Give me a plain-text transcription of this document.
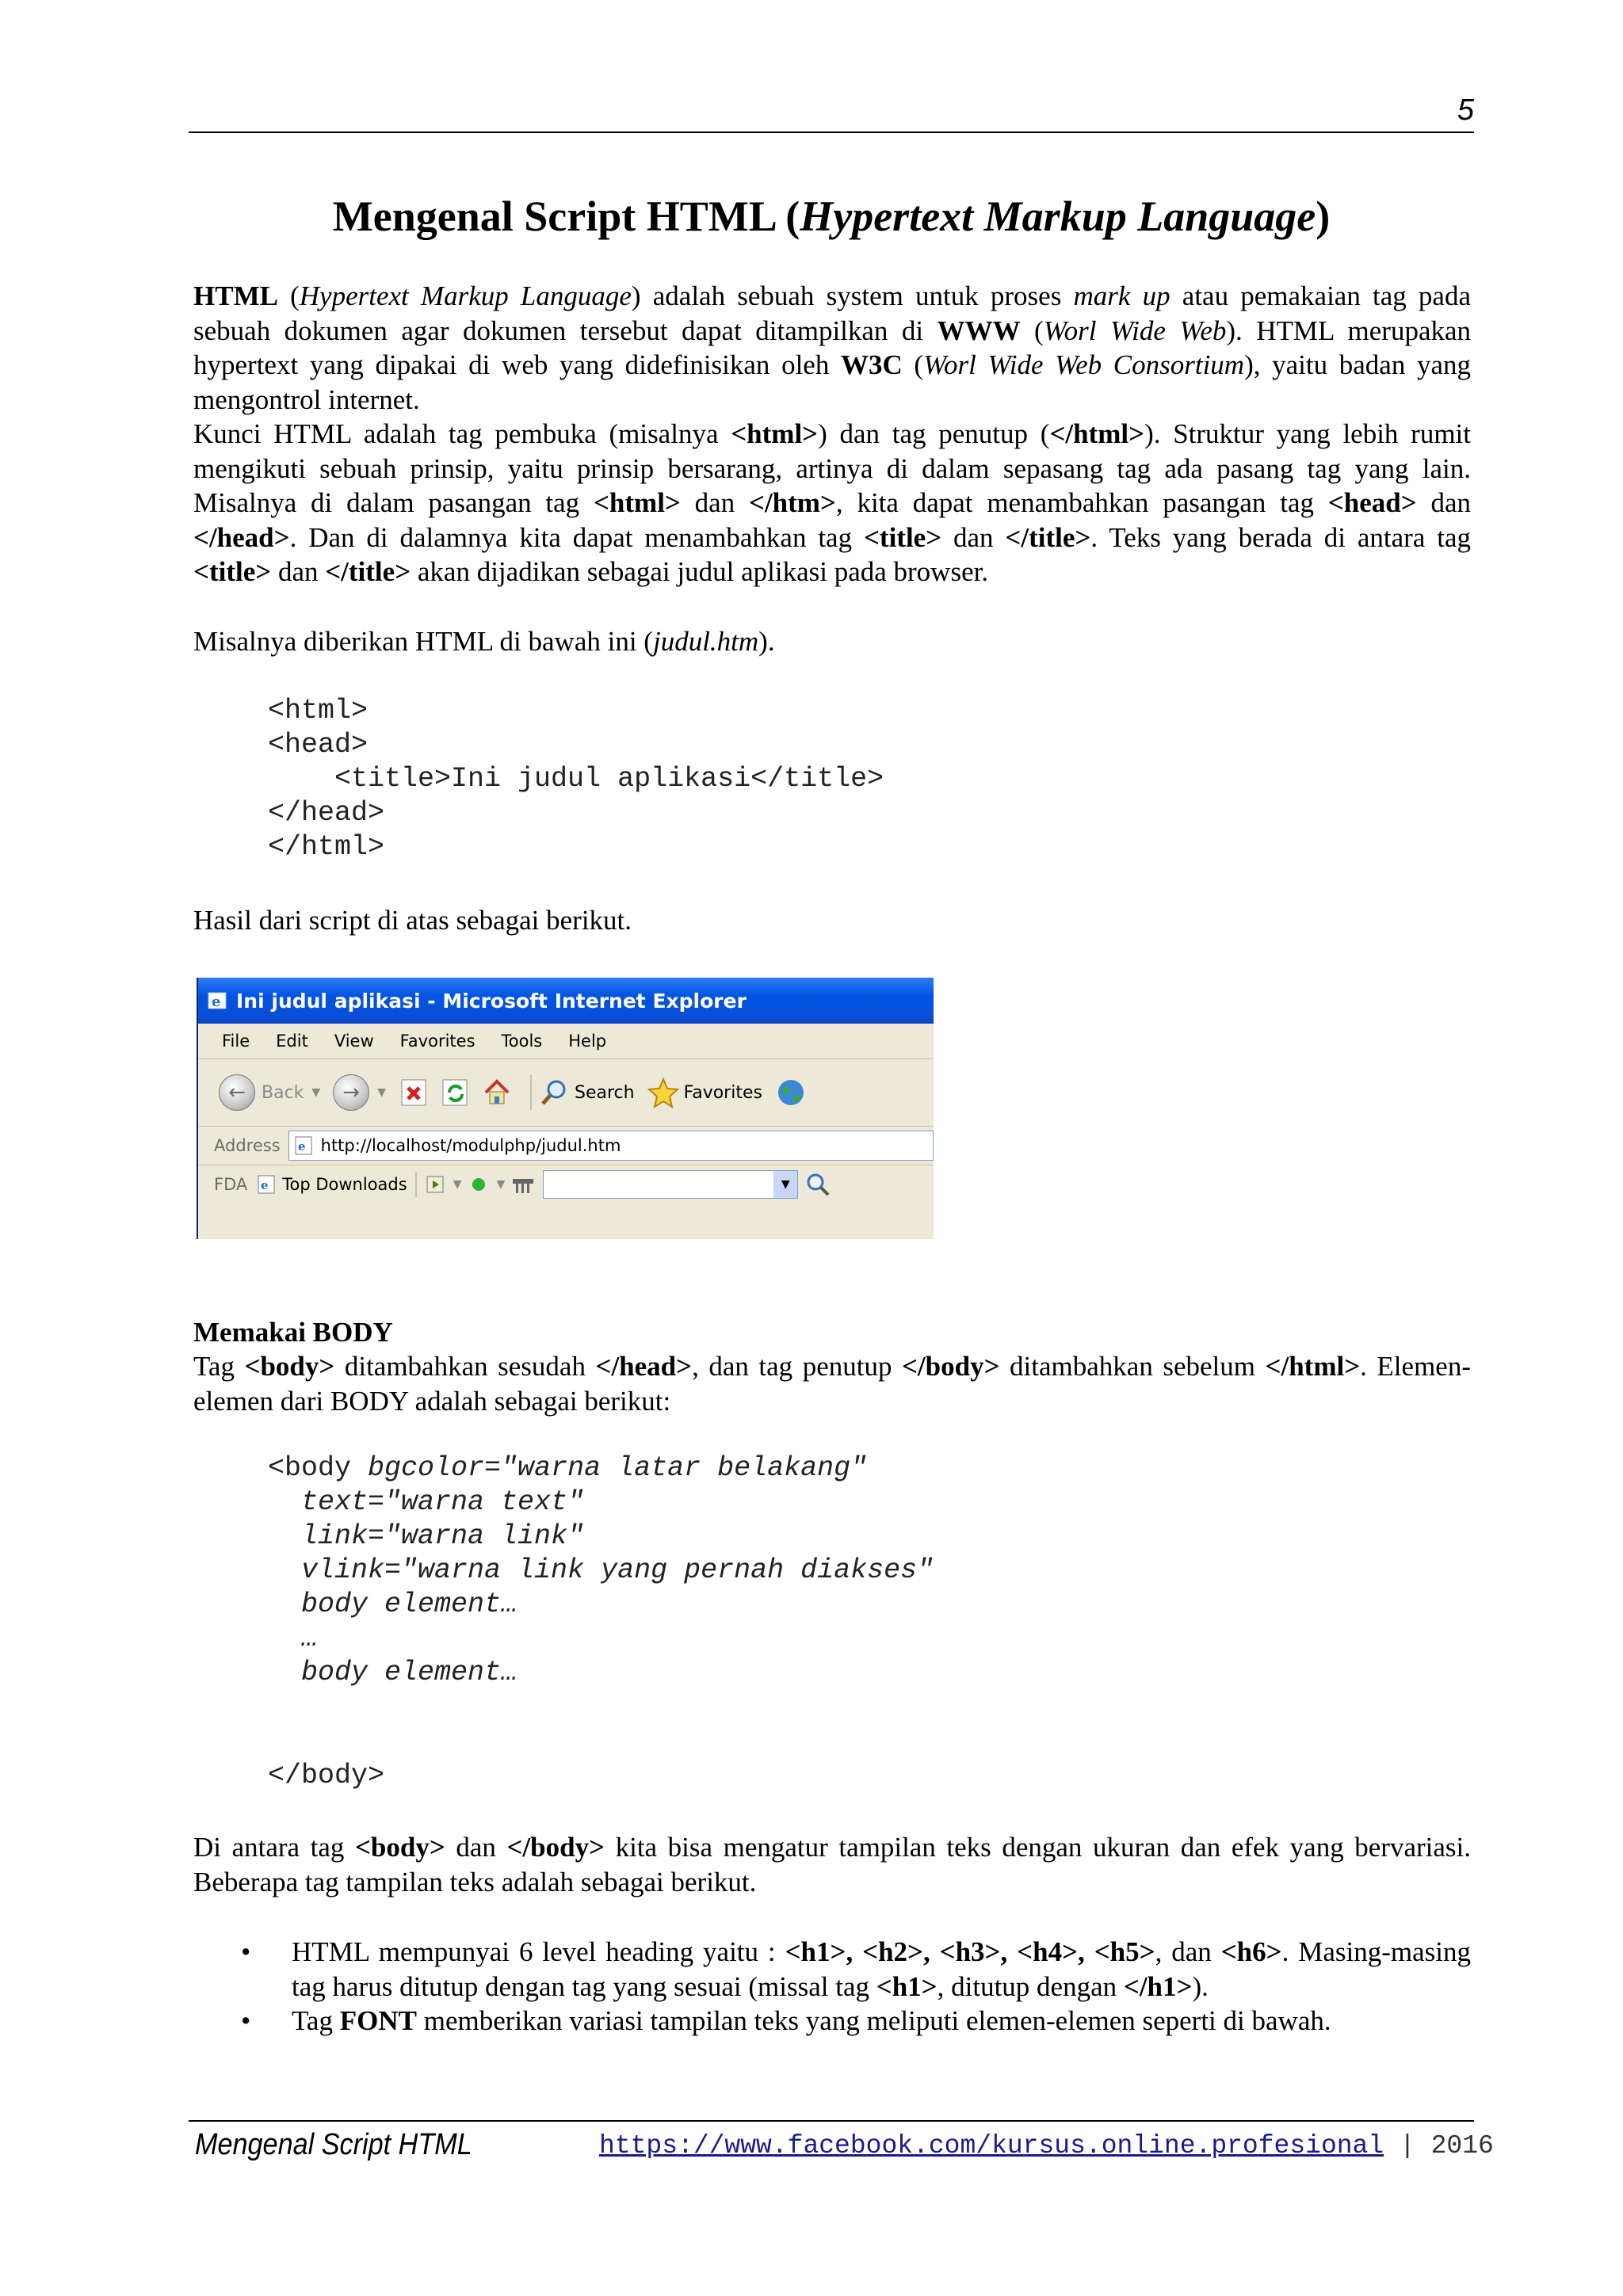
5
Mengenal Script HTML (Hypertext Markup Language)
HTML (Hypertext Markup Language) adalah sebuah system untuk proses mark up atau pemakaian tag pada sebuah dokumen agar dokumen tersebut dapat ditampilkan di WWW (Worl Wide Web). HTML merupakan hypertext yang dipakai di web yang didefinisikan oleh W3C (Worl Wide Web Consortium), yaitu badan yang mengontrol internet.
Kunci HTML adalah tag pembuka (misalnya <html>) dan tag penutup (</html>). Struktur yang lebih rumit mengikuti sebuah prinsip, yaitu prinsip bersarang, artinya di dalam sepasang tag ada pasang tag yang lain. Misalnya di dalam pasangan tag <html> dan </htm>, kita dapat menambahkan pasangan tag <head> dan </head>. Dan di dalamnya kita dapat menambahkan tag <title> dan </title>. Teks yang berada di antara tag <title> dan </title> akan dijadikan sebagai judul aplikasi pada browser.
Misalnya diberikan HTML di bawah ini (judul.htm).
<html>
<head>
<title>Ini judul aplikasi</title>
</head>
</html>
Hasil dari script di atas sebagai berikut.
e Ini judul aplikasi - Microsoft Internet Explorer
File Edit View Favorites Tools Help
← Back ▼	→	▼	Search	Favorites
Address e http://localhost/modulphp/judul.htm
FDA e Top Downloads	▼	▼	▼
Memakai BODY
Tag <body> ditambahkan sesudah </head>, dan tag penutup </body> ditambahkan sebelum </html>. Elemen-elemen dari BODY adalah sebagai berikut:
<body bgcolor="warna latar belakang"
text="warna text"
link="warna link"
vlink="warna link yang pernah diakses"
body element…
…
body element…
</body>
Di antara tag <body> dan </body> kita bisa mengatur tampilan teks dengan ukuran dan efek yang bervariasi. Beberapa tag tampilan teks adalah sebagai berikut.
• HTML mempunyai 6 level heading yaitu : <h1>, <h2>, <h3>, <h4>, <h5>, dan <h6>. Masing-masing tag harus ditutup dengan tag yang sesuai (missal tag <h1>, ditutup dengan </h1>).
• Tag FONT memberikan variasi tampilan teks yang meliputi elemen-elemen seperti di bawah.
Mengenal Script HTML	https://www.facebook.com/kursus.online.profesional | 2016
